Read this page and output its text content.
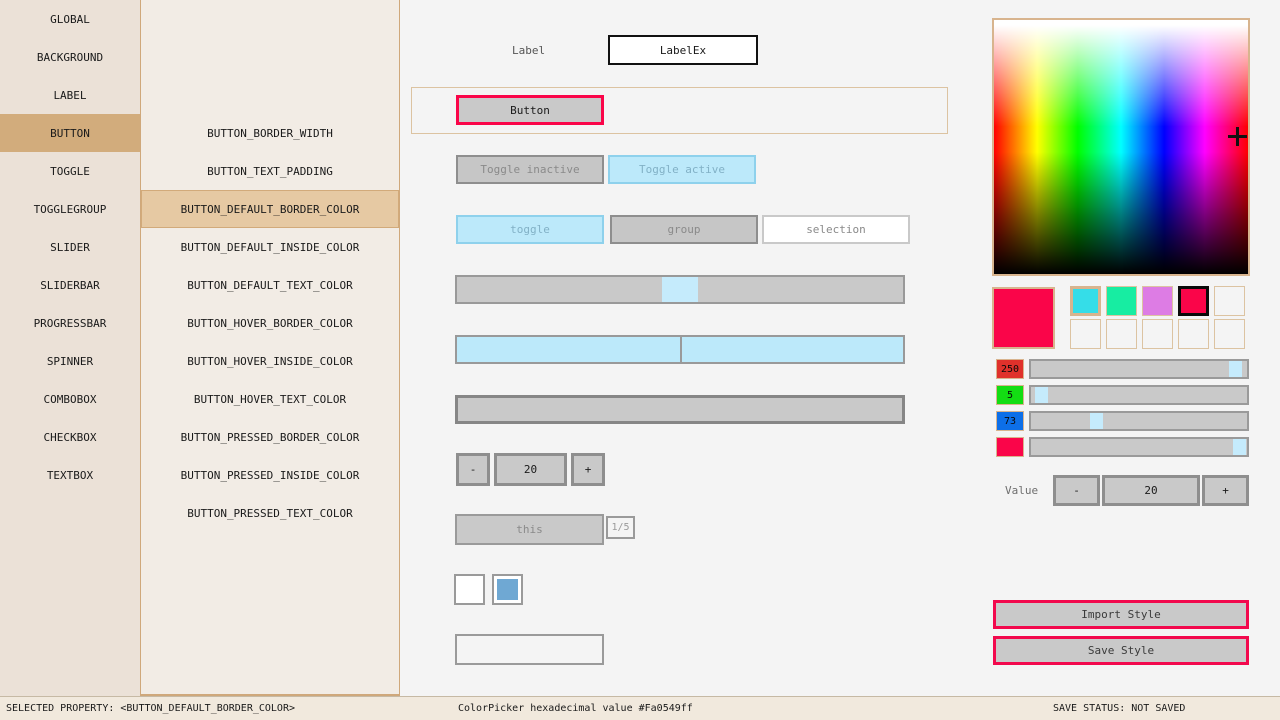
GLOBAL
BACKGROUND
LABEL
BUTTON
TOGGLE
TOGGLEGROUP
SLIDER
SLIDERBAR
PROGRESSBAR
SPINNER
COMBOBOX
CHECKBOX
TEXTBOX
BUTTON_BORDER_WIDTH
BUTTON_TEXT_PADDING
BUTTON_DEFAULT_BORDER_COLOR
BUTTON_DEFAULT_INSIDE_COLOR
BUTTON_DEFAULT_TEXT_COLOR
BUTTON_HOVER_BORDER_COLOR
BUTTON_HOVER_INSIDE_COLOR
BUTTON_HOVER_TEXT_COLOR
BUTTON_PRESSED_BORDER_COLOR
BUTTON_PRESSED_INSIDE_COLOR
BUTTON_PRESSED_TEXT_COLOR
Label	LabelEx
Button
Toggle inactive	Toggle active
toggle	group	selection
-	20	+
this	1/5
250
5
73
Value	-	20	+
Import Style
Save Style
SELECTED PROPERTY: <BUTTON_DEFAULT_BORDER_COLOR>	ColorPicker hexadecimal value #Fa0549ff	SAVE STATUS: NOT SAVED
